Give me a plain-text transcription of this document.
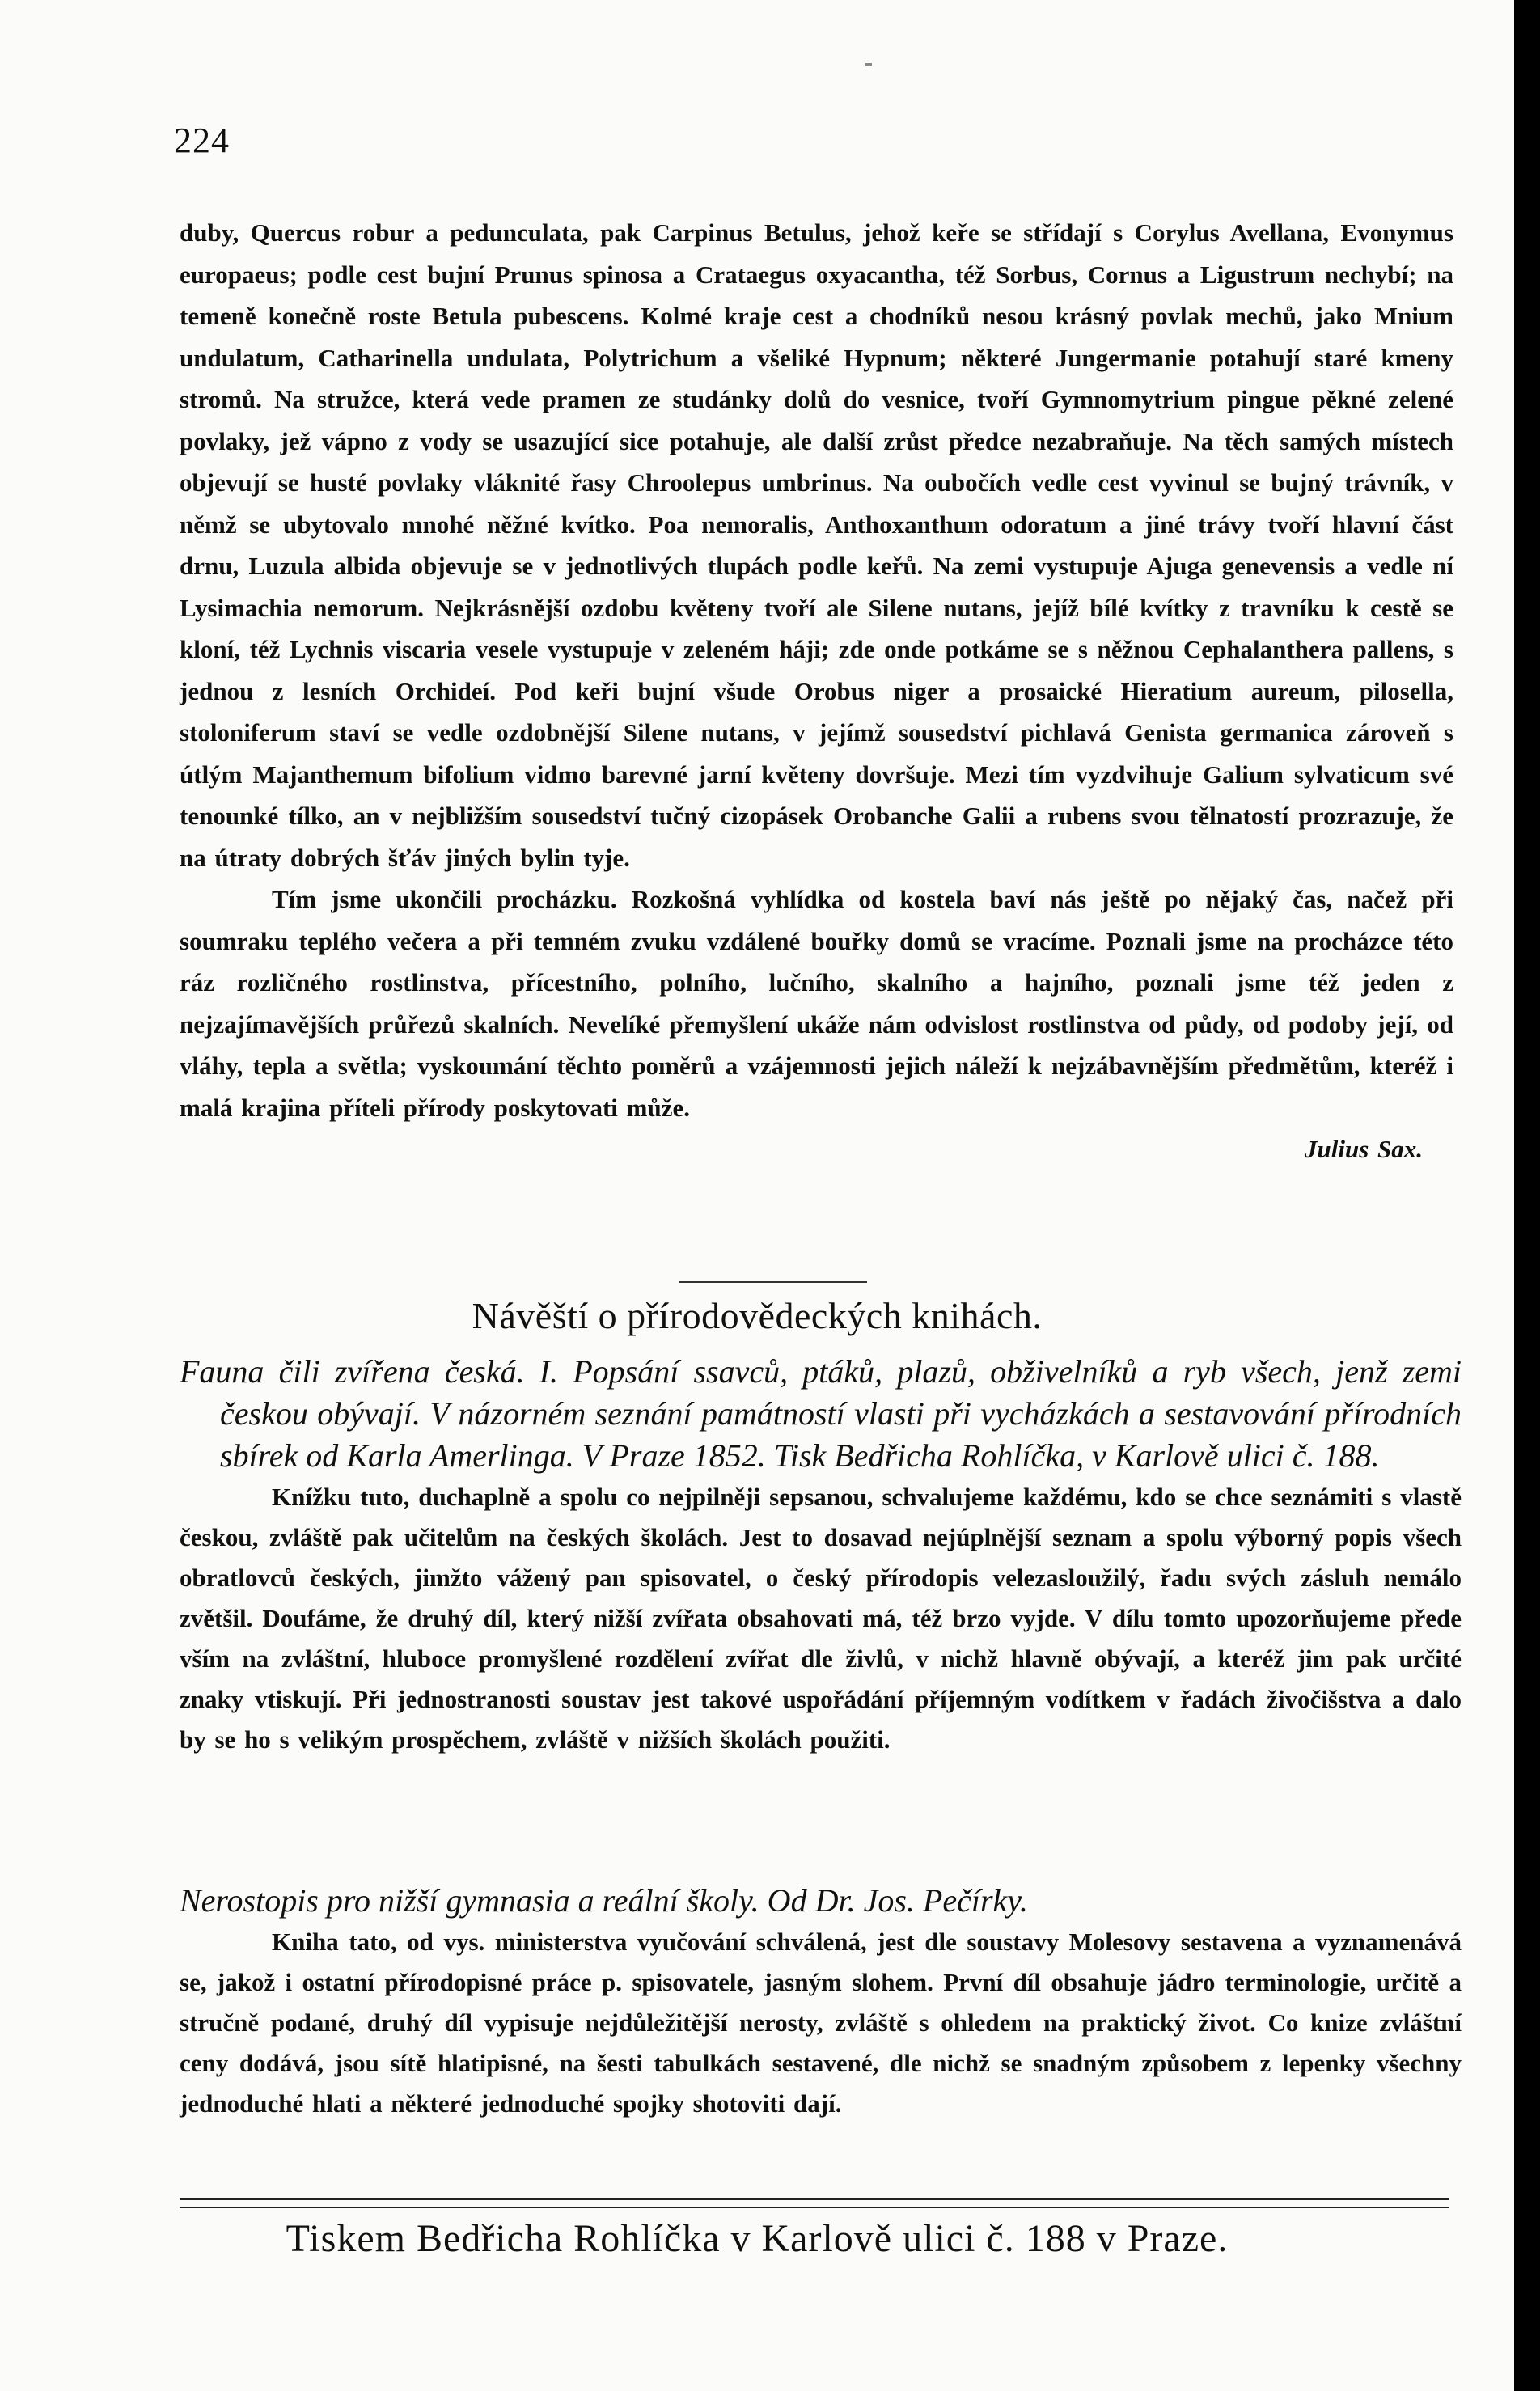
224

duby, Quercus robur a pedunculata, pak Carpinus Betulus, jehož keře se střídají s Corylus Avellana, Evonymus europaeus; podle cest bujní Prunus spinosa a Crataegus oxyacantha, též Sorbus, Cornus a Ligustrum nechybí; na temeně konečně roste Betula pubescens. Kolmé kraje cest a chodníků nesou krásný povlak mechů, jako Mnium undulatum, Catharinella undulata, Polytrichum a všeliké Hypnum; některé Jungermanie potahují staré kmeny stromů. Na stružce, která vede pramen ze studánky dolů do vesnice, tvoří Gymnomytrium pingue pěkné zelené povlaky, jež vápno z vody se usazující sice potahuje, ale další zrůst předce nezabraňuje. Na těch samých místech objevují se husté povlaky vláknité řasy Chroolepus umbrinus. Na oubočích vedle cest vyvinul se bujný trávník, v němž se ubytovalo mnohé něžné kvítko. Poa nemoralis, Anthoxanthum odoratum a jiné trávy tvoří hlavní část drnu, Luzula albida objevuje se v jednotlivých tlupách podle keřů. Na zemi vystupuje Ajuga genevensis a vedle ní Lysimachia nemorum. Nejkrásnější ozdobu květeny tvoří ale Silene nutans, jejíž bílé kvítky z travníku k cestě se kloní, též Lychnis viscaria vesele vystupuje v zeleném háji; zde onde potkáme se s něžnou Cephalanthera pallens, s jednou z lesních Orchideí. Pod keři bujní všude Orobus niger a prosaické Hieratium aureum, pilosella, stoloniferum staví se vedle ozdobnější Silene nutans, v jejímž sousedství pichlavá Genista germanica zároveň s útlým Majanthemum bifolium vidmo barevné jarní květeny dovršuje. Mezi tím vyzdvihuje Galium sylvaticum své tenounké tílko, an v nejbližším sousedství tučný cizopásek Orobanche Galii a rubens svou tělnatostí prozrazuje, že na útraty dobrých šťáv jiných bylin tyje.

Tím jsme ukončili procházku. Rozkošná vyhlídka od kostela baví nás ještě po nějaký čas, načež při soumraku teplého večera a při temném zvuku vzdálené bouřky domů se vracíme. Poznali jsme na procházce této ráz rozličného rostlinstva, přícestního, polního, lučního, skalního a hajního, poznali jsme též jeden z nejzajímavějších průřezů skalních. Nevelíké přemyšlení ukáže nám odvislost rostlinstva od půdy, od podoby její, od vláhy, tepla a světla; vyskoumání těchto poměrů a vzájemnosti jejich náleží k nejzábavnějším předmětům, kteréž i malá krajina příteli přírody poskytovati může.

Julius Sax.

Návěští o přírodovědeckých knihách.
Fauna čili zvířena česká. I. Popsání ssavců, ptáků, plazů, obživelníků a ryb všech, jenž zemi českou obývají. V názorném seznání památností vlasti při vycházkách a sestavování přírodních sbírek od Karla Amerlinga. V Praze 1852. Tisk Bedřicha Rohlíčka, v Karlově ulici č. 188.
Knížku tuto, duchaplně a spolu co nejpilněji sepsanou, schvalujeme každému, kdo se chce seznámiti s vlastě českou, zvláště pak učitelům na českých školách. Jest to dosavad nejúplnější seznam a spolu výborný popis všech obratlovců českých, jimžto vážený pan spisovatel, o český přírodopis velezasloužilý, řadu svých zásluh nemálo zvětšil. Doufáme, že druhý díl, který nižší zvířata obsahovati má, též brzo vyjde. V dílu tomto upozorňujeme přede vším na zvláštní, hluboce promyšlené rozdělení zvířat dle živlů, v nichž hlavně obývají, a kteréž jim pak určité znaky vtiskují. Při jednostranosti soustav jest takové uspořádání příjemným vodítkem v řadách živočišstva a dalo by se ho s velikým prospěchem, zvláště v nižších školách použiti.
Nerostopis pro nižší gymnasia a reální školy. Od Dr. Jos. Pečírky.
Kniha tato, od vys. ministerstva vyučování schválená, jest dle soustavy Molesovy sestavena a vyznamenává se, jakož i ostatní přírodopisné práce p. spisovatele, jasným slohem. První díl obsahuje jádro terminologie, určitě a stručně podané, druhý díl vypisuje nejdůležitější nerosty, zvláště s ohledem na praktický život. Co knize zvláštní ceny dodává, jsou sítě hlatipisné, na šesti tabulkách sestavené, dle nichž se snadným způsobem z lepenky všechny jednoduché hlati a některé jednoduché spojky shotoviti dají.
Tiskem Bedřicha Rohlíčka v Karlově ulici č. 188 v Praze.
